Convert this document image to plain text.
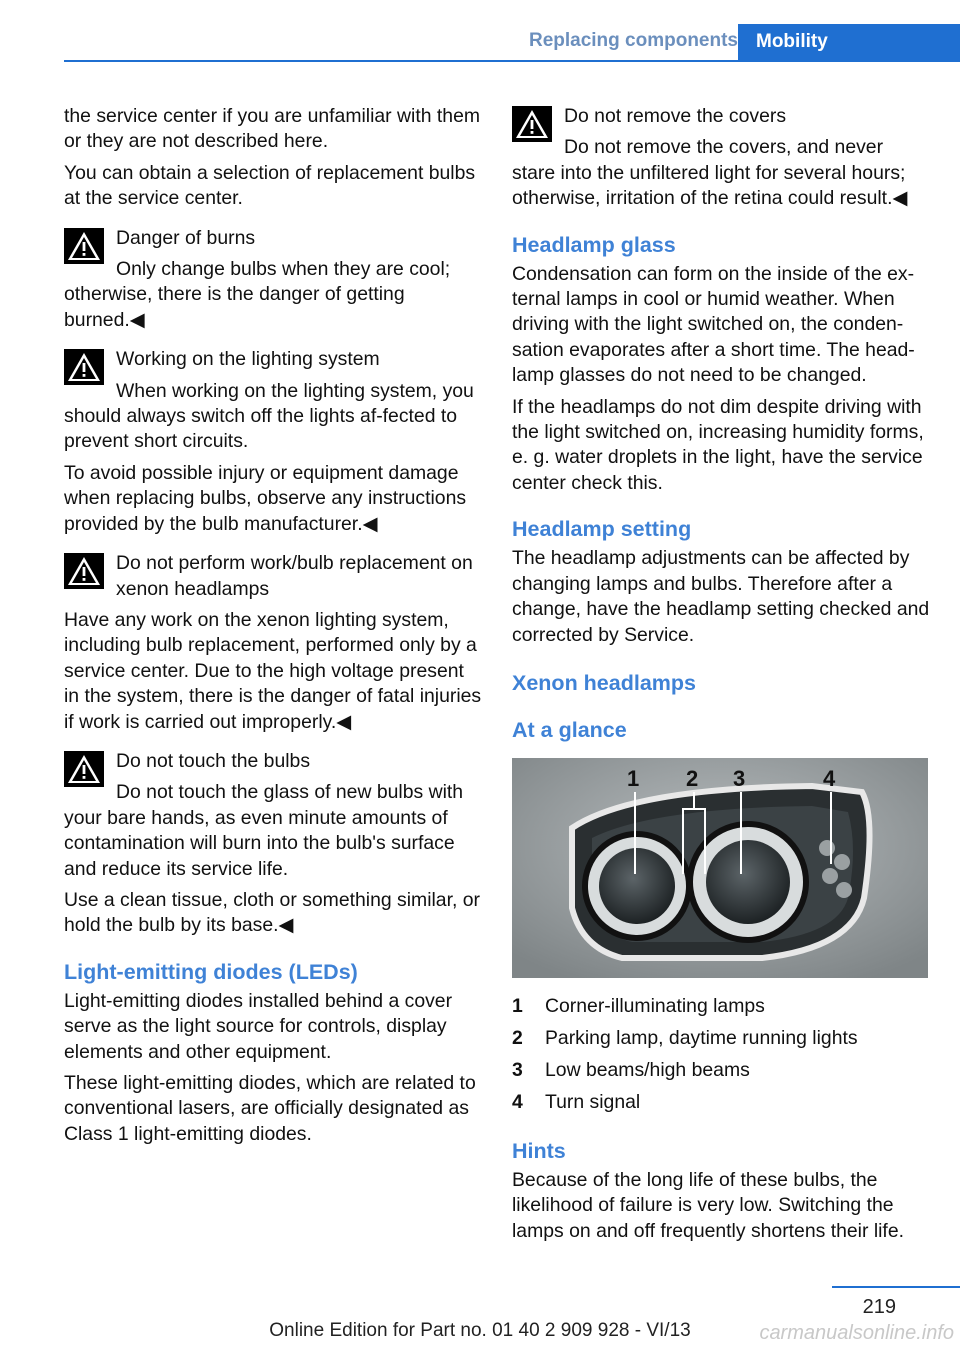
Replacing components Mobility

the service center if you are unfamiliar with them or they are not described here.

You can obtain a selection of replacement bulbs at the service center.

Danger of burns

Only change bulbs when they are cool; otherwise, there is the danger of getting burned.◀

Working on the lighting system

When working on the lighting system, you should always switch off the lights af‐fected to prevent short circuits.

To avoid possible injury or equipment damage when replacing bulbs, observe any instructions provided by the bulb manufacturer.◀

Do not perform work/bulb replacement on xenon headlamps

Have any work on the xenon lighting system, including bulb replacement, performed only by a service center. Due to the high voltage present in the system, there is the danger of fatal injuries if work is carried out improperly.◀

Do not touch the bulbs

Do not touch the glass of new bulbs with your bare hands, as even minute amounts of contamination will burn into the bulb's surface and reduce its service life.

Use a clean tissue, cloth or something similar, or hold the bulb by its base.◀

Light-emitting diodes (LEDs)

Light-emitting diodes installed behind a cover serve as the light source for controls, display elements and other equipment.

These light-emitting diodes, which are related to conventional lasers, are officially designated as Class 1 light-emitting diodes.

Do not remove the covers

Do not remove the covers, and never stare into the unfiltered light for several hours; otherwise, irritation of the retina could result.◀

Headlamp glass

Condensation can form on the inside of the ex‐ternal lamps in cool or humid weather. When driving with the light switched on, the conden‐sation evaporates after a short time. The head‐lamp glasses do not need to be changed.

If the headlamps do not dim despite driving with the light switched on, increasing humidity forms, e. g. water droplets in the light, have the service center check this.

Headlamp setting

The headlamp adjustments can be affected by changing lamps and bulbs. Therefore after a change, have the headlamp setting checked and corrected by Service.

Xenon headlamps
At a glance
1 2 3	4
1	Corner-illuminating lamps
2	Parking lamp, daytime running lights
3	Low beams/high beams
4	Turn signal
Hints

Because of the long life of these bulbs, the likelihood of failure is very low. Switching the lamps on and off frequently shortens their life.

219
Online Edition for Part no. 01 40 2 909 928 - VI/13	carmanualsonline.info
